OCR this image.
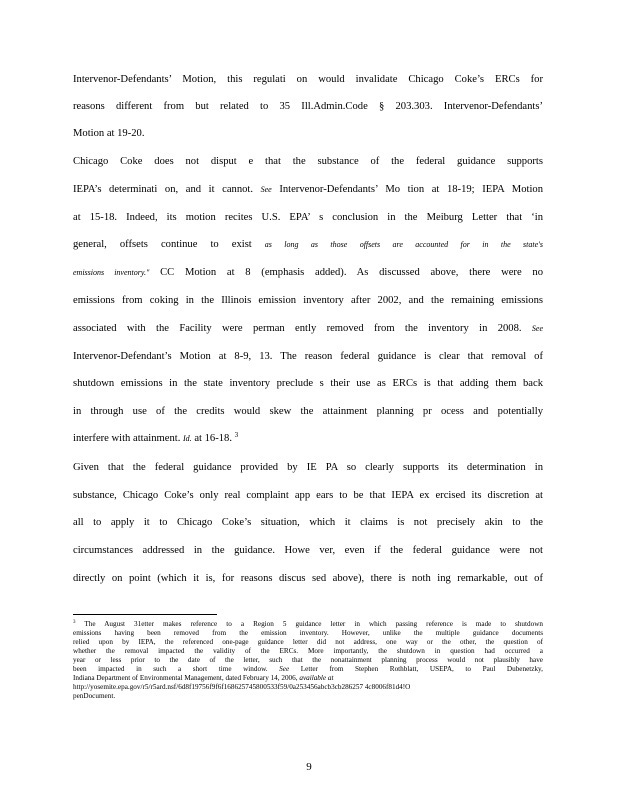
Intervenor-Defendants’ Motion, this regulati on would invalidate Chicago Coke’s ERCs for
reasons different from but related to 35 Ill.Admin.Code § 203.303. Intervenor-Defendants’
Motion at 19-20.
Chicago Coke does not disput e that the substance of the federal guidance supports
IEPA’s determinati on, and it cannot. See Intervenor-Defendants’ Mo tion at 18-19; IEPA Motion
at 15-18. Indeed, its motion recites U.S. EPA’ s conclusion in the Meiburg Letter that ‘in
general, offsets continue to exist as long as those offsets are accounted for in the state's
emissions inventory." CC Motion at 8 (emphasis added). As discussed above, there were no
emissions from coking in the Illinois emission inventory after 2002, and the remaining emissions
associated with the Facility were perman ently removed from the inventory in 2008. See
Intervenor-Defendant’s Motion at 8-9, 13. The reason federal guidance is clear that removal of
shutdown emissions in the state inventory preclude s their use as ERCs is that adding them back
in through use of the credits would skew the attainment planning pr ocess and potentially
interfere with attainment. Id. at 16-18. $^3$
Given that the federal guidance provided by IE PA so clearly supports its determination in
substance, Chicago Coke’s only real complaint app ears to be that IEPA ex ercised its discretion at
all to apply it to Chicago Coke’s situation, which it claims is not precisely akin to the
circumstances addressed in the guidance. Howe ver, even if the federal guidance were not
directly on point (which it is, for reasons discus sed above), there is noth ing remarkable, out of
$^3$ The August 31etter makes reference to a Region 5 guidance letter in which passing reference is made to shutdown
emissions having been removed from the emission inventory. However, unlike the multiple guidance documents
relied upon by IEPA, the referenced one-page guidance letter did not address, one way or the other, the question of
whether the removal impacted the validity of the ERCs. More importantly, the shutdown in question had occurred a
year or less prior to the date of the letter, such that the nonattainment planning process would not plausibly have
been impacted in such a short time window. See Letter from Stephen Rothblatt, USEPA, to Paul Dubenetzky,
Indiana Department of Environmental Management, dated February 14, 2006, available at
http://yosemite.epa.gov/r5/r5ard.nsf/6d8f19756f9f6f168625745800533f59/0a253456abcb3cb286257 4c8006f81d4!O
penDocument.
9
